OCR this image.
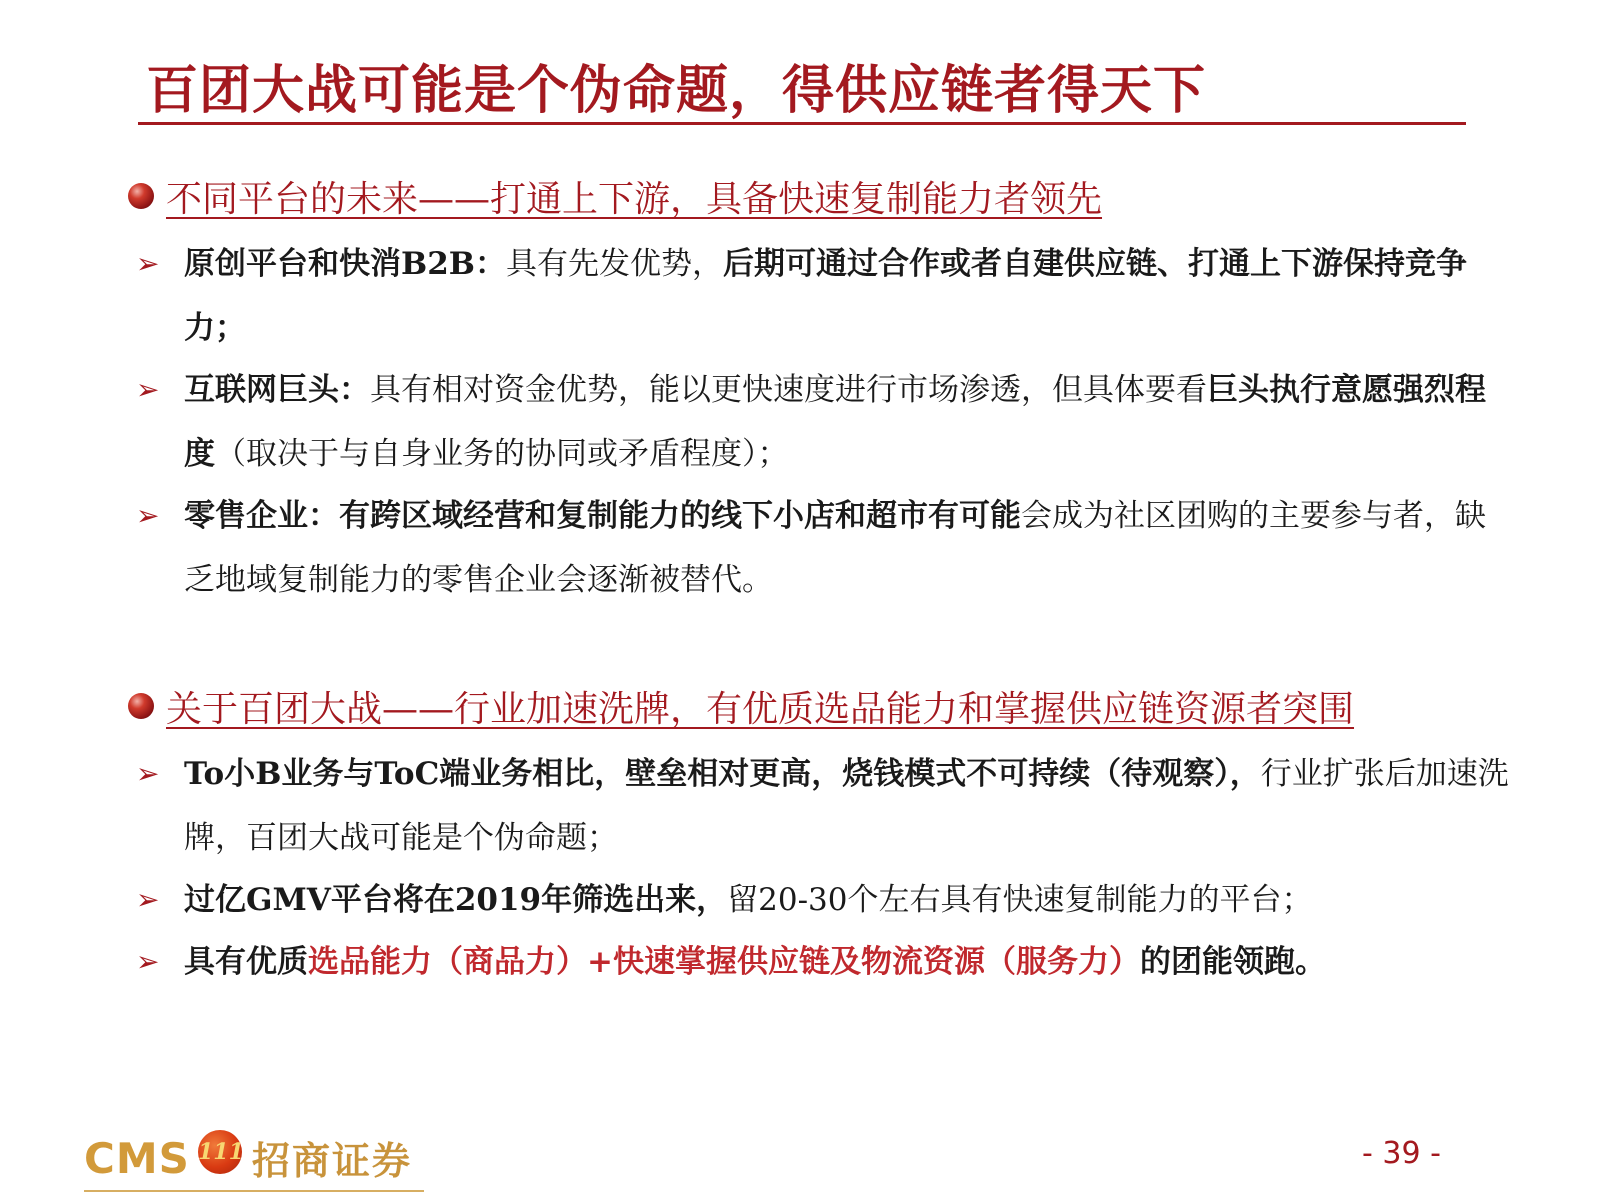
百团大战可能是个伪命题，得供应链者得天下
不同平台的未来——打通上下游，具备快速复制能力者领先
➢ 原创平台和快消B2B：具有先发优势，后期可通过合作或者自建供应链、打通上下游保持竞争力；
➢ 互联网巨头：具有相对资金优势，能以更快速度进行市场渗透，但具体要看巨头执行意愿强烈程度（取决于与自身业务的协同或矛盾程度）；
➢ 零售企业：有跨区域经营和复制能力的线下小店和超市有可能会成为社区团购的主要参与者，缺乏地域复制能力的零售企业会逐渐被替代。
关于百团大战——行业加速洗牌，有优质选品能力和掌握供应链资源者突围
➢ To小B业务与ToC端业务相比，壁垒相对更高，烧钱模式不可持续（待观察），行业扩张后加速洗牌，百团大战可能是个伪命题；
➢ 过亿GMV平台将在2019年筛选出来，留20-30个左右具有快速复制能力的平台；
➢ 具有优质选品能力（商品力）+快速掌握供应链及物流资源（服务力）的团能领跑。
CMS 111 招商证券	- 39 -
